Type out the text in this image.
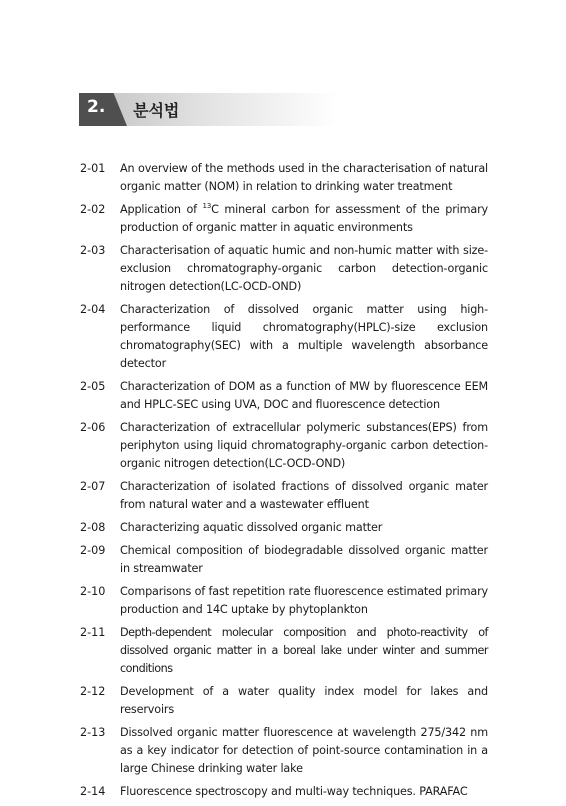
2. 분석법
2-01	An overview of the methods used in the characterisation of natural organic matter (NOM) in relation to drinking water treatment
2-02	Application of $^{13}$C mineral carbon for assessment of the primary production of organic matter in aquatic environments
2-03	Characterisation of aquatic humic and non-humic matter with size-exclusion chromatography-organic carbon detection-organic nitrogen detection(LC-OCD-OND)
2-04	Characterization of dissolved organic matter using high-performance liquid chromatography(HPLC)-size exclusion chromatography(SEC) with a multiple wavelength absorbance detector
2-05	Characterization of DOM as a function of MW by fluorescence EEM and HPLC-SEC using UVA, DOC and fluorescence detection
2-06	Characterization of extracellular polymeric substances(EPS) from periphyton using liquid chromatography-organic carbon detection-organic nitrogen detection(LC-OCD-OND)
2-07	Characterization of isolated fractions of dissolved organic mater from natural water and a wastewater effluent
2-08	Characterizing aquatic dissolved organic matter
2-09	Chemical composition of biodegradable dissolved organic matter in streamwater
2-10	Comparisons of fast repetition rate fluorescence estimated primary production and 14C uptake by phytoplankton
2-11	Depth-dependent molecular composition and photo-reactivity of dissolved organic matter in a boreal lake under winter and summer conditions
2-12	Development of a water quality index model for lakes and reservoirs
2-13	Dissolved organic matter fluorescence at wavelength 275/342 nm as a key indicator for detection of point-source contamination in a large Chinese drinking water lake
2-14	Fluorescence spectroscopy and multi-way techniques. PARAFAC
